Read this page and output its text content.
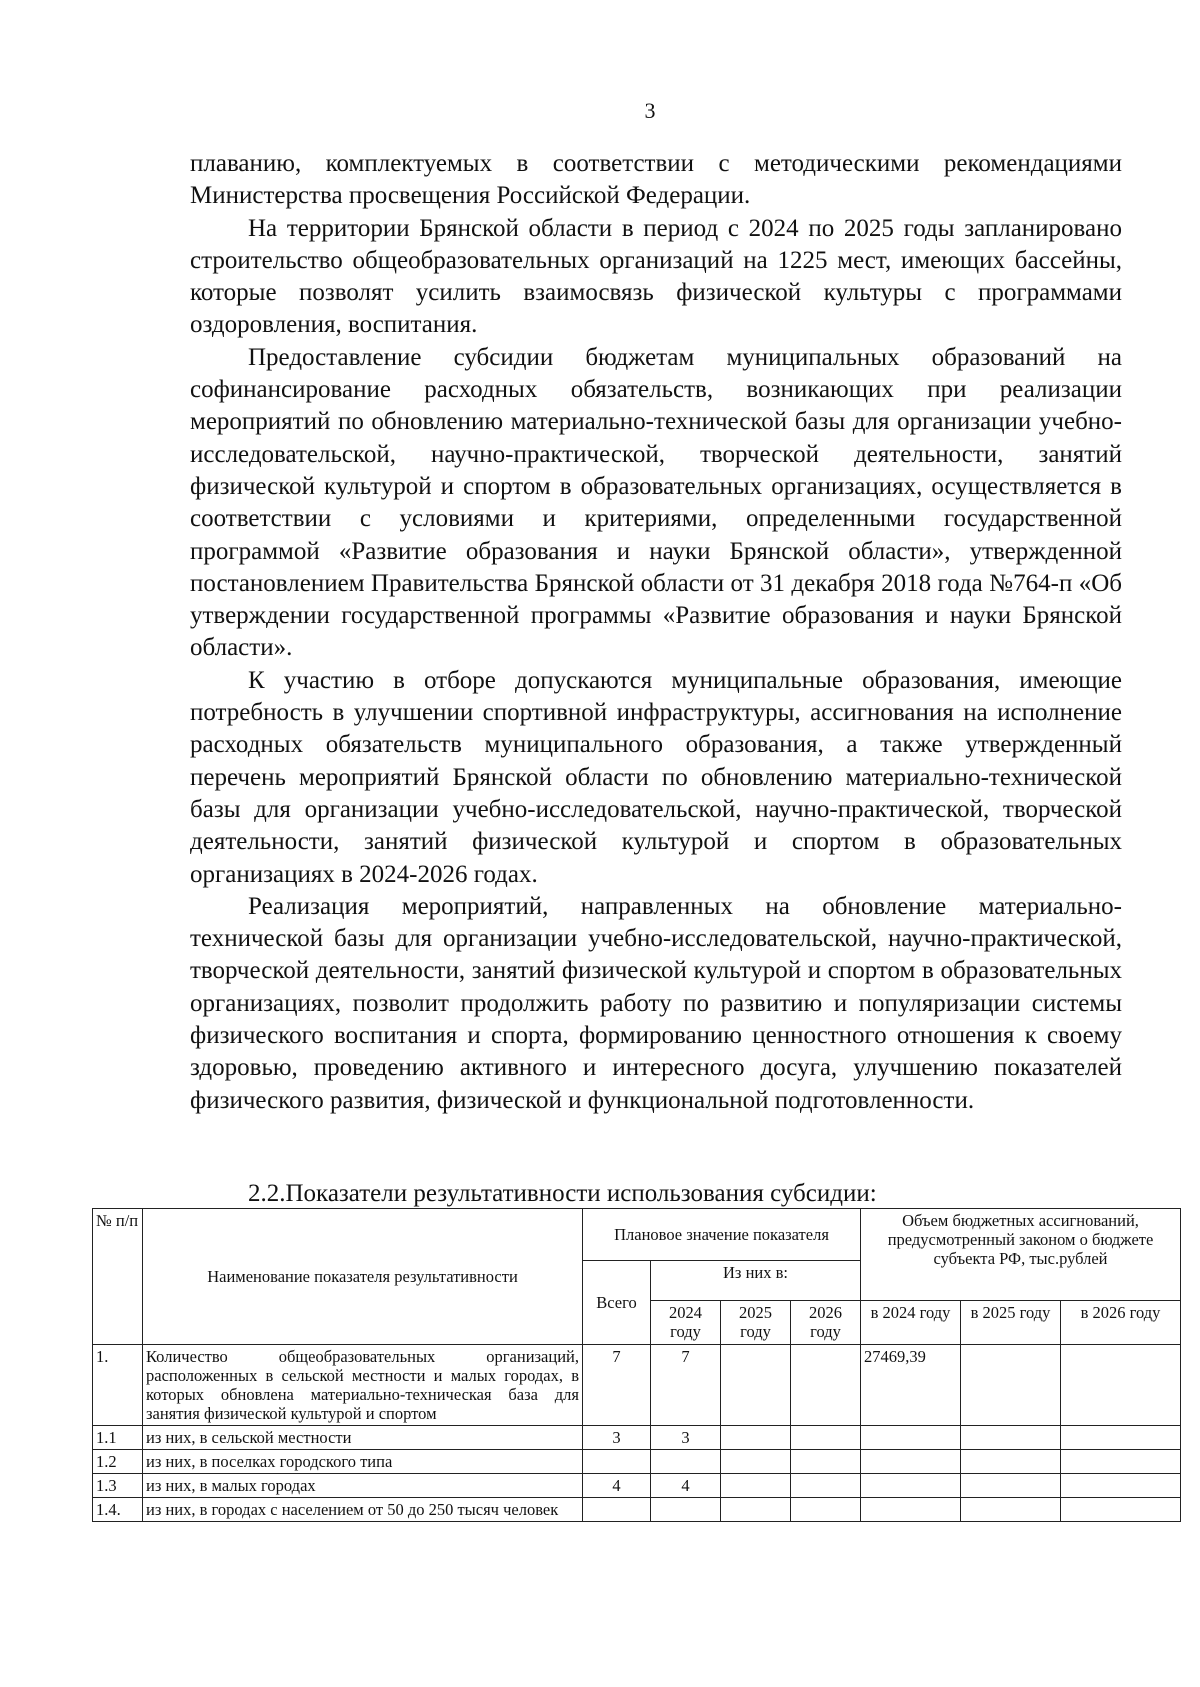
3

плаванию, комплектуемых в соответствии с методическими рекомендациями Министерства просвещения Российской Федерации.

На территории Брянской области в период с 2024 по 2025 годы запланировано строительство общеобразовательных организаций на 1225 мест, имеющих бассейны, которые позволят усилить взаимосвязь физической культуры с программами оздоровления, воспитания.

Предоставление субсидии бюджетам муниципальных образований на софинансирование расходных обязательств, возникающих при реализации мероприятий по обновлению материально-технической базы для организации учебно-исследовательской, научно-практической, творческой деятельности, занятий физической культурой и спортом в образовательных организациях, осуществляется в соответствии с условиями и критериями, определенными государственной программой «Развитие образования и науки Брянской области», утвержденной постановлением Правительства Брянской области от 31 декабря 2018 года №764-п «Об утверждении государственной программы «Развитие образования и науки Брянской области».

К участию в отборе допускаются муниципальные образования, имеющие потребность в улучшении спортивной инфраструктуры, ассигнования на исполнение расходных обязательств муниципального образования, а также утвержденный перечень мероприятий Брянской области по обновлению материально-технической базы для организации учебно-исследовательской, научно-практической, творческой деятельности, занятий физической культурой и спортом в образовательных организациях в 2024-2026 годах.

Реализация мероприятий, направленных на обновление материально-технической базы для организации учебно-исследовательской, научно-практической, творческой деятельности, занятий физической культурой и спортом в образовательных организациях, позволит продолжить работу по развитию и популяризации системы физического воспитания и спорта, формированию ценностного отношения к своему здоровью, проведению активного и интересного досуга, улучшению показателей физического развития, физической и функциональной подготовленности.

2.2.Показатели результативности использования субсидии:
№ п/п	Наименование показателя результативности	Плановое значение показателя				Объем бюджетных ассигнований, предусмотренный законом о бюджете субъекта РФ, тыс.рублей		
		Всего	Из них в:					
			2024 году	2025 году	2026 году	в 2024 году	в 2025 году	в 2026 году
1.	Количество общеобразовательных организаций, расположенных в сельской местности и малых городах, в которых обновлена материально-техническая база для занятия физической культурой и спортом	7	7			27469,39		
1.1	из них, в сельской местности	3	3					
1.2	из них, в поселках городского типа							
1.3	из них, в малых городах	4	4					
1.4.	из них, в городах с населением от 50 до 250 тысяч человек							
